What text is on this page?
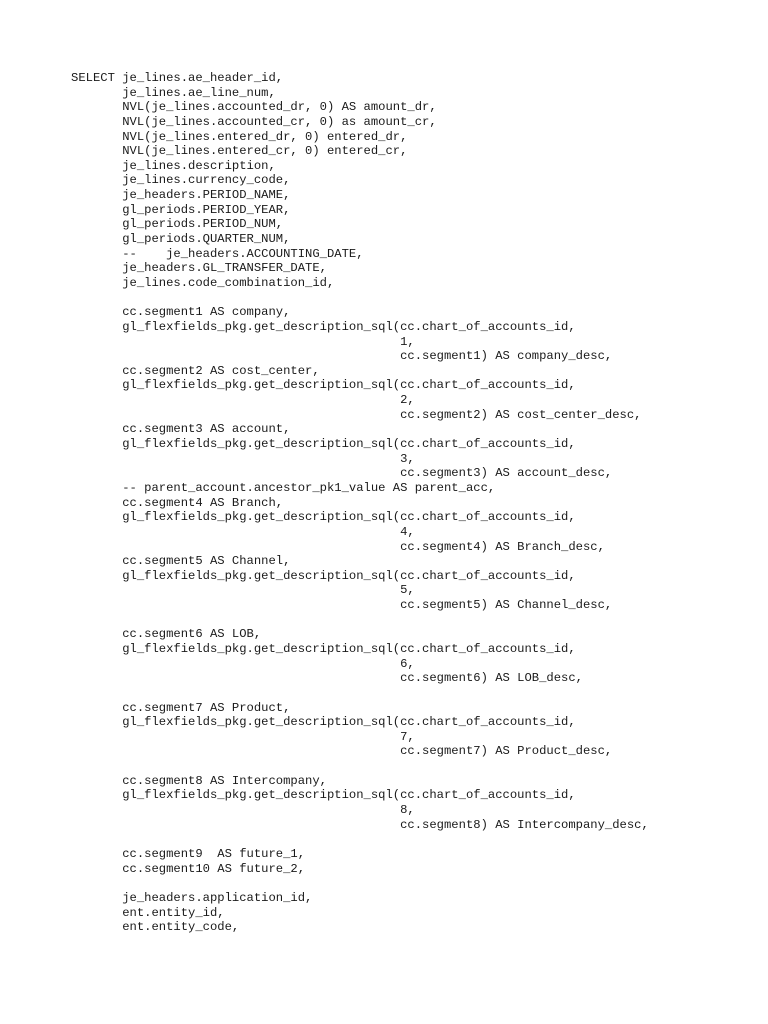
SELECT je_lines.ae_header_id,
je_lines.ae_line_num,
NVL(je_lines.accounted_dr, 0) AS amount_dr,
NVL(je_lines.accounted_cr, 0) as amount_cr,
NVL(je_lines.entered_dr, 0) entered_dr,
NVL(je_lines.entered_cr, 0) entered_cr,
je_lines.description,
je_lines.currency_code,
je_headers.PERIOD_NAME,
gl_periods.PERIOD_YEAR,
gl_periods.PERIOD_NUM,
gl_periods.QUARTER_NUM,
--    je_headers.ACCOUNTING_DATE,
je_headers.GL_TRANSFER_DATE,
je_lines.code_combination_id,
cc.segment1 AS company,
gl_flexfields_pkg.get_description_sql(cc.chart_of_accounts_id,
1,
cc.segment1) AS company_desc,
cc.segment2 AS cost_center,
gl_flexfields_pkg.get_description_sql(cc.chart_of_accounts_id,
2,
cc.segment2) AS cost_center_desc,
cc.segment3 AS account,
gl_flexfields_pkg.get_description_sql(cc.chart_of_accounts_id,
3,
cc.segment3) AS account_desc,
-- parent_account.ancestor_pk1_value AS parent_acc,
cc.segment4 AS Branch,
gl_flexfields_pkg.get_description_sql(cc.chart_of_accounts_id,
4,
cc.segment4) AS Branch_desc,
cc.segment5 AS Channel,
gl_flexfields_pkg.get_description_sql(cc.chart_of_accounts_id,
5,
cc.segment5) AS Channel_desc,
cc.segment6 AS LOB,
gl_flexfields_pkg.get_description_sql(cc.chart_of_accounts_id,
6,
cc.segment6) AS LOB_desc,
cc.segment7 AS Product,
gl_flexfields_pkg.get_description_sql(cc.chart_of_accounts_id,
7,
cc.segment7) AS Product_desc,
cc.segment8 AS Intercompany,
gl_flexfields_pkg.get_description_sql(cc.chart_of_accounts_id,
8,
cc.segment8) AS Intercompany_desc,
cc.segment9  AS future_1,
cc.segment10 AS future_2,
je_headers.application_id,
ent.entity_id,
ent.entity_code,
